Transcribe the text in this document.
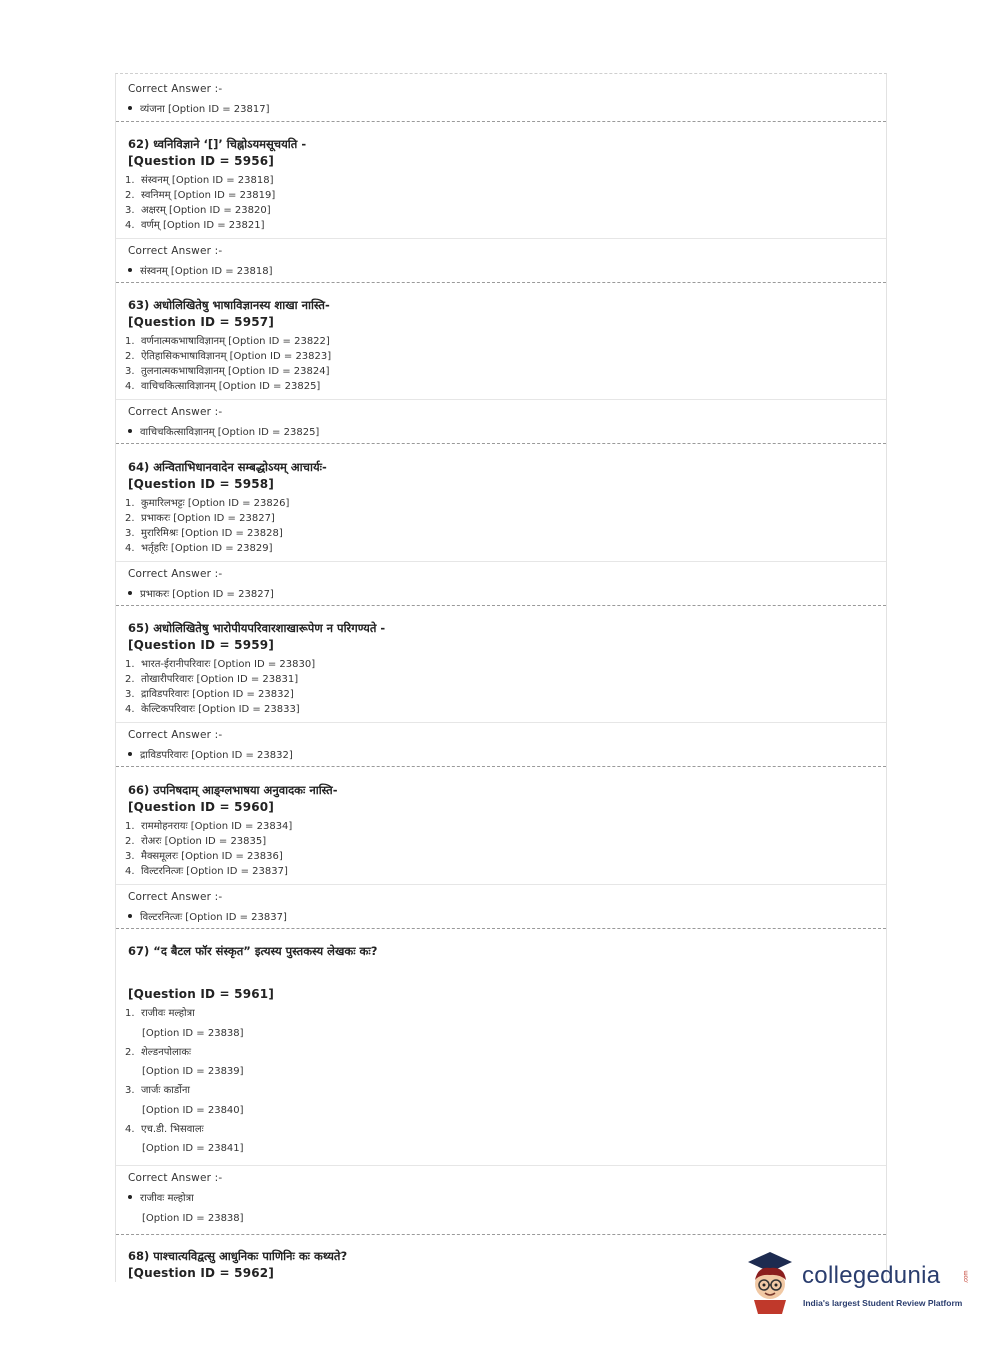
Correct Answer :-
व्यंजना [Option ID = 23817]
62) ध्वनिविज्ञाने ‘[]’ चिह्नोऽयमसूचयति -
[Question ID = 5956]
1. संस्वनम् [Option ID = 23818]
2. स्वनिमम् [Option ID = 23819]
3. अक्षरम् [Option ID = 23820]
4. वर्णम् [Option ID = 23821]
Correct Answer :-
संस्वनम् [Option ID = 23818]
63) अधोलिखितेषु भाषाविज्ञानस्य शाखा नास्ति-
[Question ID = 5957]
1. वर्णनात्मकभाषाविज्ञानम् [Option ID = 23822]
2. ऐतिहासिकभाषाविज्ञानम् [Option ID = 23823]
3. तुलनात्मकभाषाविज्ञानम् [Option ID = 23824]
4. वाचिचकित्साविज्ञानम् [Option ID = 23825]
Correct Answer :-
वाचिचकित्साविज्ञानम् [Option ID = 23825]
64) अन्विताभिधानवादेन सम्बद्धोऽयम् आचार्यः-
[Question ID = 5958]
1. कुमारिलभट्टः [Option ID = 23826]
2. प्रभाकरः [Option ID = 23827]
3. मुरारिमिश्रः [Option ID = 23828]
4. भर्तृहरिः [Option ID = 23829]
Correct Answer :-
प्रभाकरः [Option ID = 23827]
65) अधोलिखितेषु भारोपीयपरिवारशाखारूपेण न परिगण्यते -
[Question ID = 5959]
1. भारत-ईरानीपरिवारः [Option ID = 23830]
2. तोखारीपरिवारः [Option ID = 23831]
3. द्राविडपरिवारः [Option ID = 23832]
4. केल्टिकपरिवारः [Option ID = 23833]
Correct Answer :-
द्राविडपरिवारः [Option ID = 23832]
66) उपनिषदाम् आङ्ग्लभाषया अनुवादकः नास्ति-
[Question ID = 5960]
1. राममोहनरायः [Option ID = 23834]
2. रोअरः [Option ID = 23835]
3. मैक्समूलरः [Option ID = 23836]
4. विल्टरनित्जः [Option ID = 23837]
Correct Answer :-
विल्टरनित्जः [Option ID = 23837]
67) “द बैटल फॉर संस्कृत” इत्यस्य पुस्तकस्य लेखकः कः?
[Question ID = 5961]
1. राजीवः मल्होत्रा
[Option ID = 23838]
2. शेल्डनपोलाकः
[Option ID = 23839]
3. जार्जः कार्डोना
[Option ID = 23840]
4. एच.डी. भिसवालः
[Option ID = 23841]
Correct Answer :-
राजीवः मल्होत्रा
[Option ID = 23838]
68) पाश्चात्यविद्वत्सु आधुनिकः पाणिनिः कः कथ्यते?
[Question ID = 5962]	collegedunia	.com
India's largest Student Review Platform
